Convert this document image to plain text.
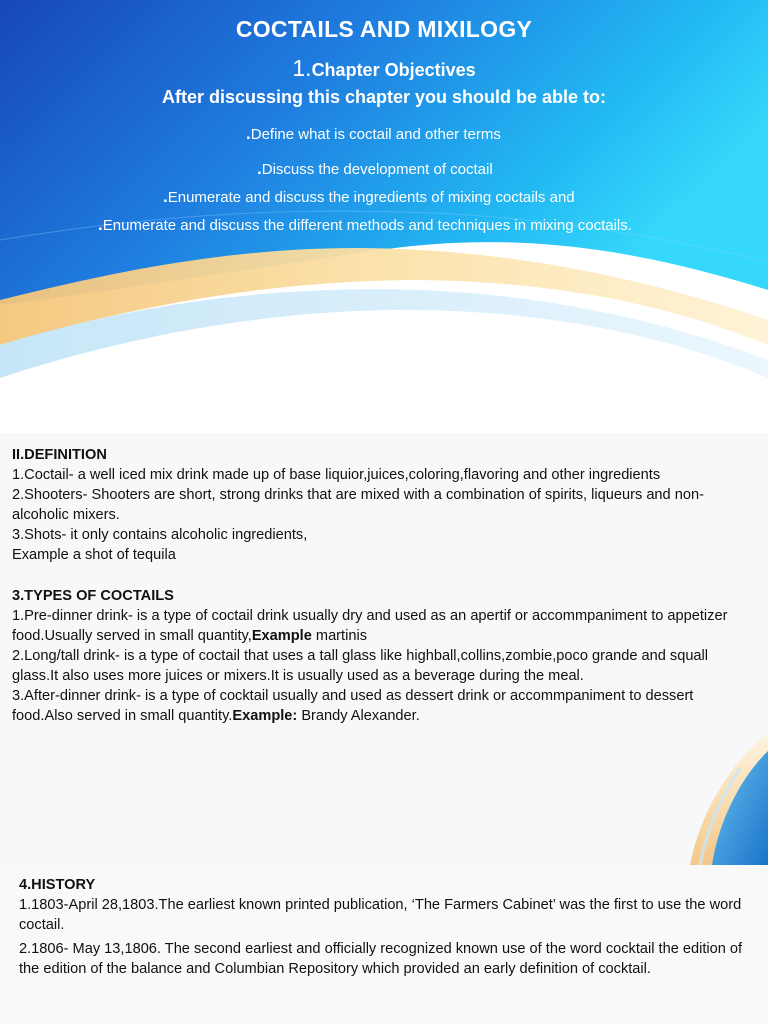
COCTAILS AND MIXILOGY
1.Chapter Objectives
After discussing this chapter you should be able to:
.Define what is coctail and other terms
.Discuss the development of coctail
.Enumerate and discuss the ingredients of mixing coctails and
.Enumerate and discuss the different methods and techniques in mixing coctails.
II.DEFINITION

1.Coctail- a well iced mix drink made up of base liquior,juices,coloring,flavoring and other ingredients

2.Shooters- Shooters are short, strong drinks that are mixed with a combination of spirits, liqueurs and non- alcoholic mixers.

3.Shots- it only contains alcoholic ingredients,

Example a shot of tequila

3.TYPES OF COCTAILS

1.Pre-dinner drink- is a type of coctail drink usually dry and used as an apertif or accommpaniment to appetizer food.Usually served in small quantity,Example martinis

2.Long/tall drink- is a type of coctail that uses a tall glass like highball,collins,zombie,poco grande and squall glass.It also uses more juices or mixers.It is usually used as a beverage during the meal.

3.After-dinner drink- is a type of cocktail usually and used as dessert drink or accommpaniment to dessert food.Also served in small quantity.Example: Brandy Alexander.

4.HISTORY

1.1803-April 28,1803.The earliest known printed publication, ‘The Farmers Cabinet’ was the first to use the word coctail.

2.1806- May 13,1806. The second earliest and officially recognized known use of the word cocktail the edition of the edition of the balance and Columbian Repository which provided an early definition of cocktail.
